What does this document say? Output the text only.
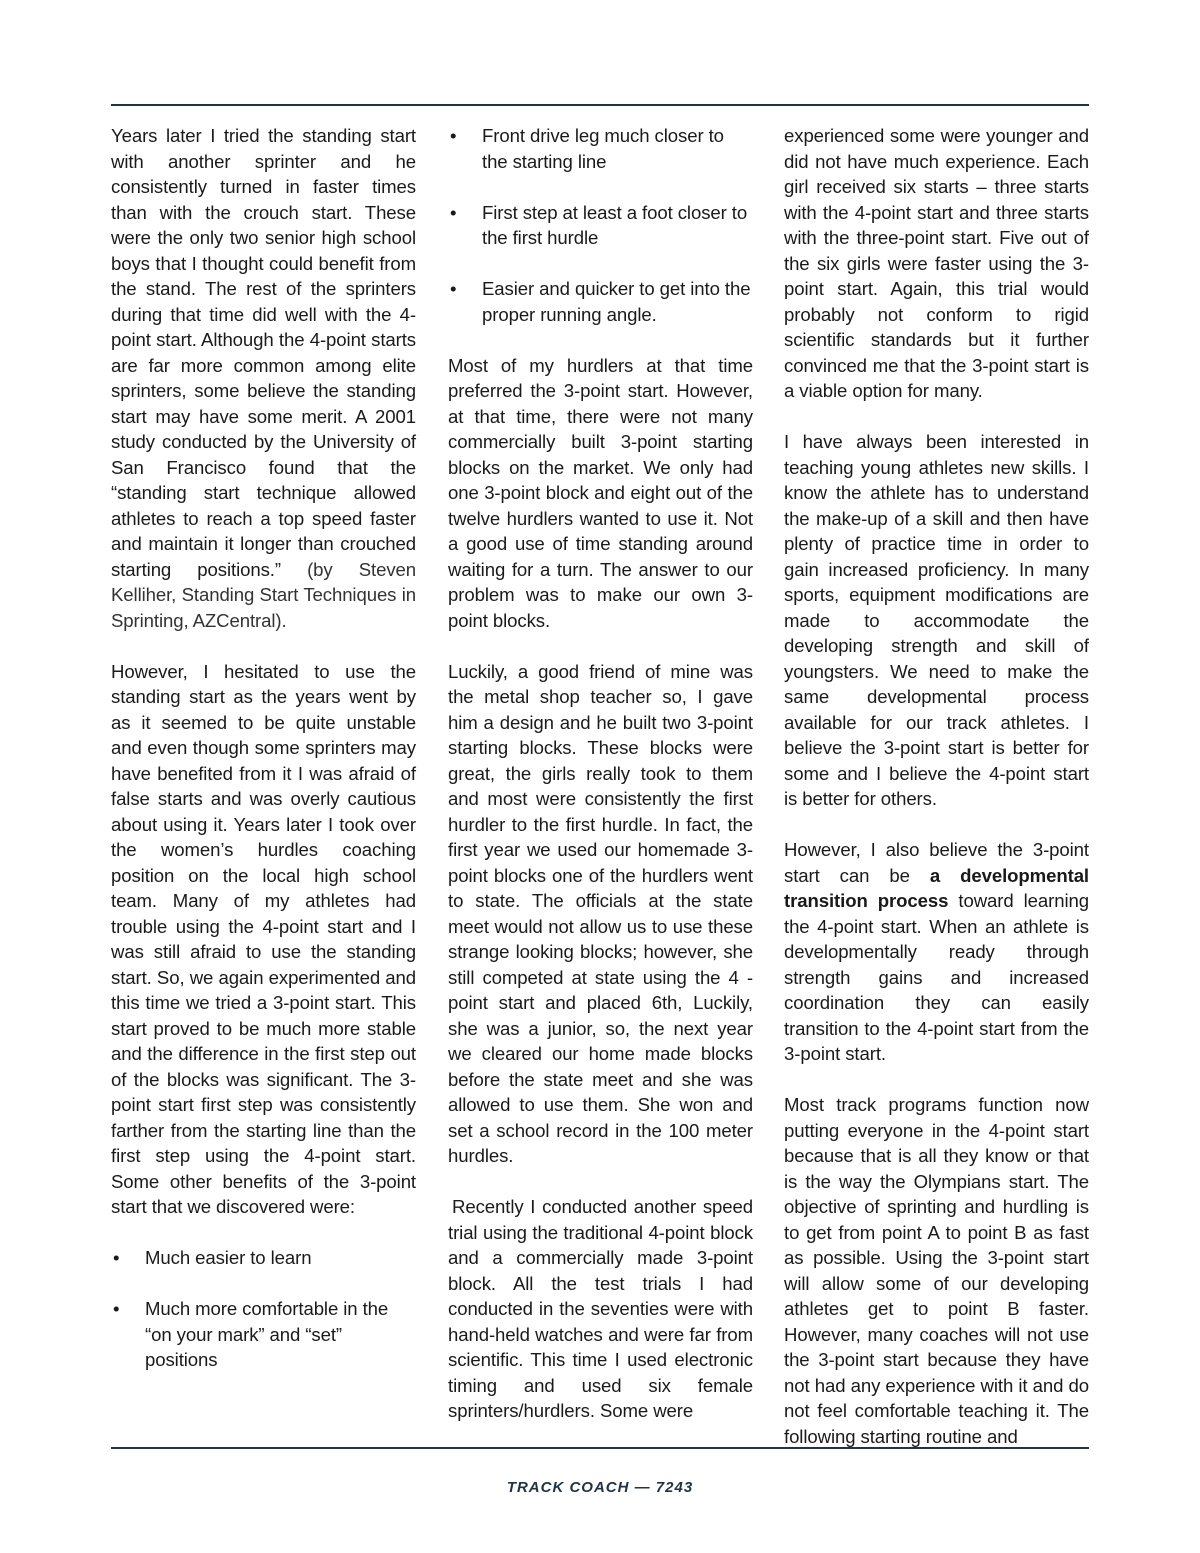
Years later I tried the standing start with another sprinter and he consistently turned in faster times than with the crouch start. These were the only two senior high school boys that I thought could benefit from the stand. The rest of the sprinters during that time did well with the 4-point start. Although the 4-point starts are far more common among elite sprinters, some believe the standing start may have some merit. A 2001 study conducted by the University of San Francisco found that the “standing start technique allowed athletes to reach a top speed faster and maintain it longer than crouched starting positions.” (by Steven Kelliher, Standing Start Techniques in Sprinting, AZCentral).

However, I hesitated to use the standing start as the years went by as it seemed to be quite unstable and even though some sprinters may have benefited from it I was afraid of false starts and was overly cautious about using it. Years later I took over the women’s hurdles coaching position on the local high school team. Many of my athletes had trouble using the 4-point start and I was still afraid to use the standing start. So, we again experimented and this time we tried a 3-point start. This start proved to be much more stable and the difference in the first step out of the blocks was significant. The 3-point start first step was consistently farther from the starting line than the first step using the 4-point start. Some other benefits of the 3-point start that we discovered were:

• Much easier to learn
• Much more comfortable in the “on your mark” and “set” positions
• Front drive leg much closer to the starting line
• First step at least a foot closer to the first hurdle
• Easier and quicker to get into the proper running angle.

Most of my hurdlers at that time preferred the 3-point start. However, at that time, there were not many commercially built 3-point starting blocks on the market. We only had one 3-point block and eight out of the twelve hurdlers wanted to use it. Not a good use of time standing around waiting for a turn. The answer to our problem was to make our own 3-point blocks.

Luckily, a good friend of mine was the metal shop teacher so, I gave him a design and he built two 3-point starting blocks. These blocks were great, the girls really took to them and most were consistently the first hurdler to the first hurdle. In fact, the first year we used our homemade 3-point blocks one of the hurdlers went to state. The officials at the state meet would not allow us to use these strange looking blocks; however, she still competed at state using the 4 -point start and placed 6th, Luckily, she was a junior, so, the next year we cleared our home made blocks before the state meet and she was allowed to use them. She won and set a school record in the 100 meter hurdles.

Recently I conducted another speed trial using the traditional 4-point block and a commercially made 3-point block. All the test trials I had conducted in the seventies were with hand-held watches and were far from scientific. This time I used electronic timing and used six female sprinters/hurdlers. Some were

experienced some were younger and did not have much experience. Each girl received six starts – three starts with the 4-point start and three starts with the three-point start. Five out of the six girls were faster using the 3-point start. Again, this trial would probably not conform to rigid scientific standards but it further convinced me that the 3-point start is a viable option for many.

I have always been interested in teaching young athletes new skills. I know the athlete has to understand the make-up of a skill and then have plenty of practice time in order to gain increased proficiency. In many sports, equipment modifications are made to accommodate the developing strength and skill of youngsters. We need to make the same developmental process available for our track athletes. I believe the 3-point start is better for some and I believe the 4-point start is better for others.

However, I also believe the 3-point start can be a developmental transition process toward learning the 4-point start. When an athlete is developmentally ready through strength gains and increased coordination they can easily transition to the 4-point start from the 3-point start.

Most track programs function now putting everyone in the 4-point start because that is all they know or that is the way the Olympians start. The objective of sprinting and hurdling is to get from point A to point B as fast as possible. Using the 3-point start will allow some of our developing athletes get to point B faster. However, many coaches will not use the 3-point start because they have not had any experience with it and do not feel comfortable teaching it. The following starting routine and

TRACK COACH — 7243
